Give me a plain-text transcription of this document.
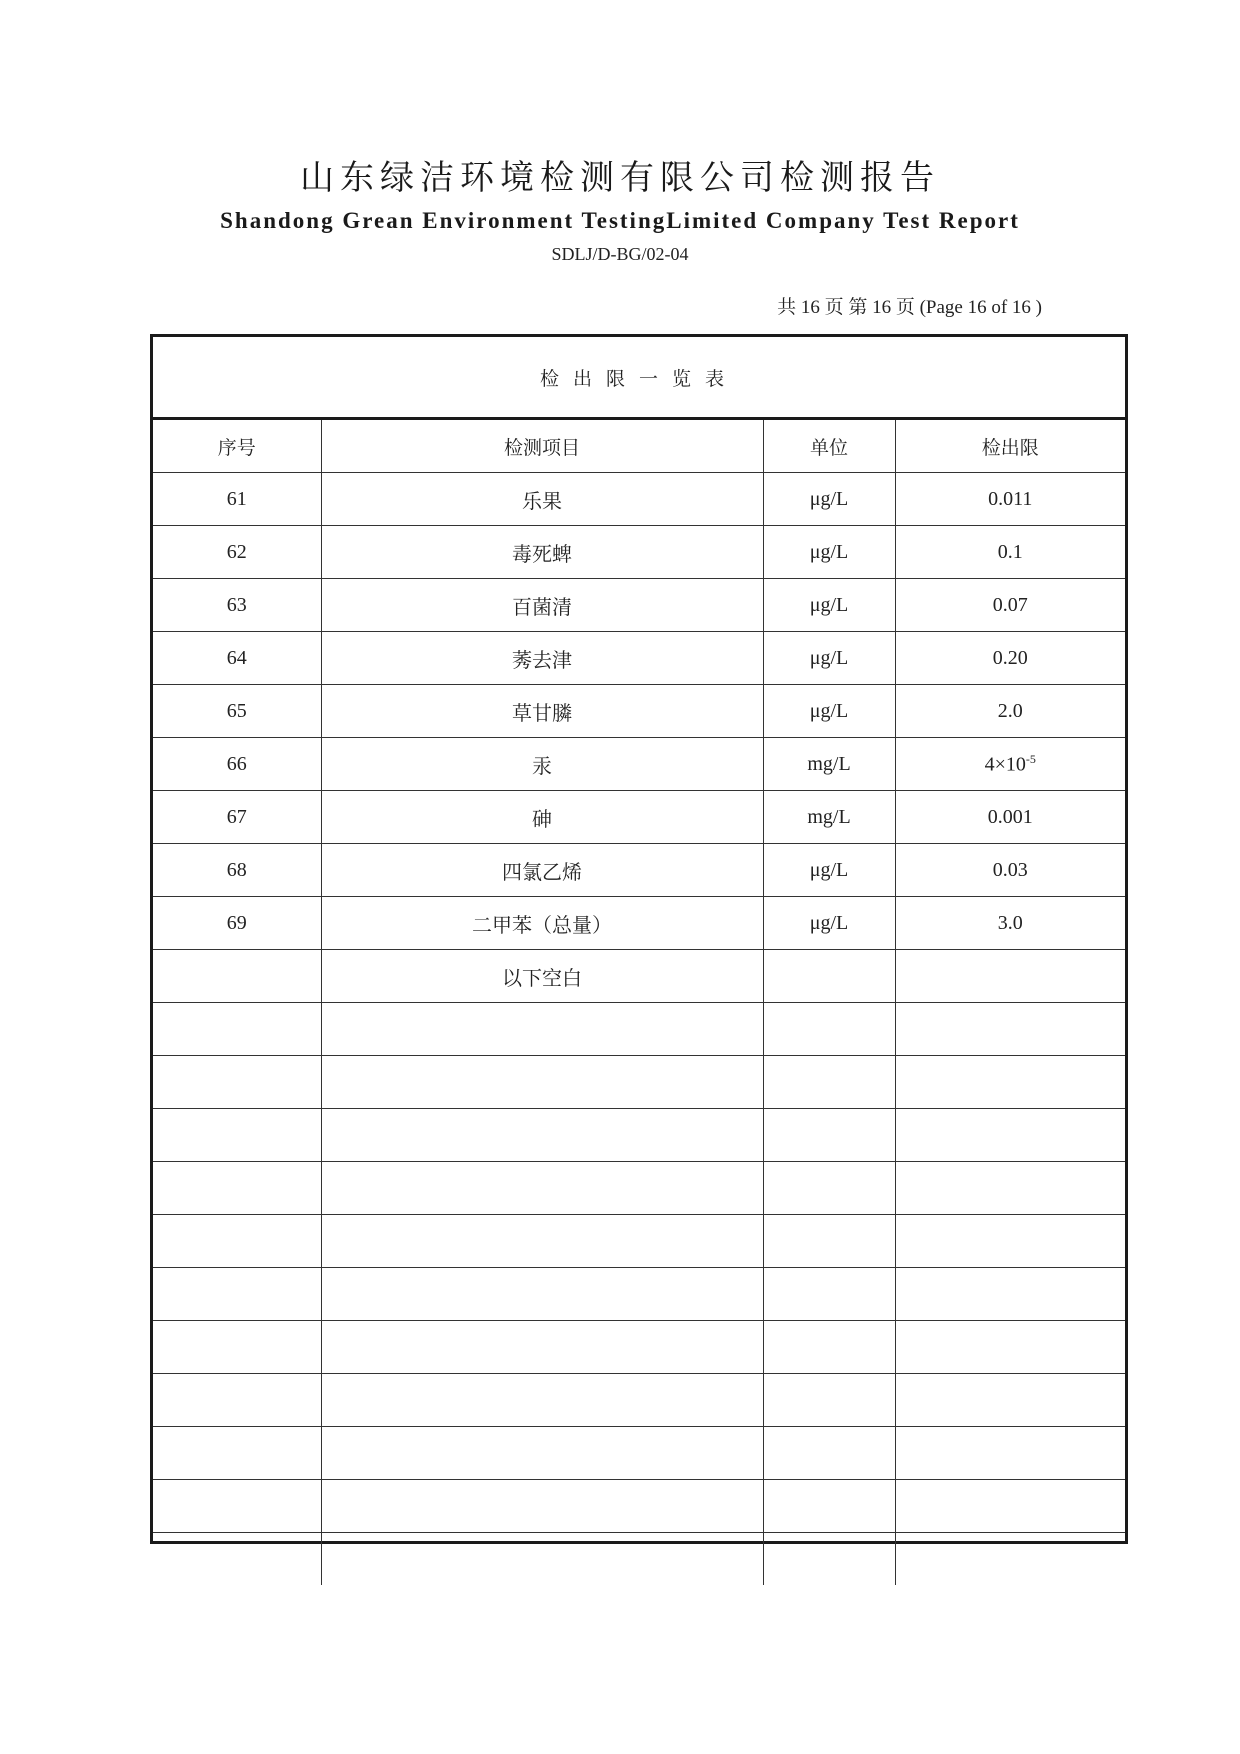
山东绿洁环境检测有限公司检测报告
Shandong Grean Environment TestingLimited Company Test Report
SDLJ/D-BG/02-04
共 16 页 第 16 页 (Page 16 of 16 )
检出限一览表
序号	检测项目	单位	检出限
61	乐果	μg/L	0.011
62	毒死蜱	μg/L	0.1
63	百菌清	μg/L	0.07
64	莠去津	μg/L	0.20
65	草甘膦	μg/L	2.0
66	汞	mg/L	$4\times 10^{-5}$
67	砷	mg/L	0.001
68	四氯乙烯	μg/L	0.03
69	二甲苯（总量）	μg/L	3.0
	以下空白		
